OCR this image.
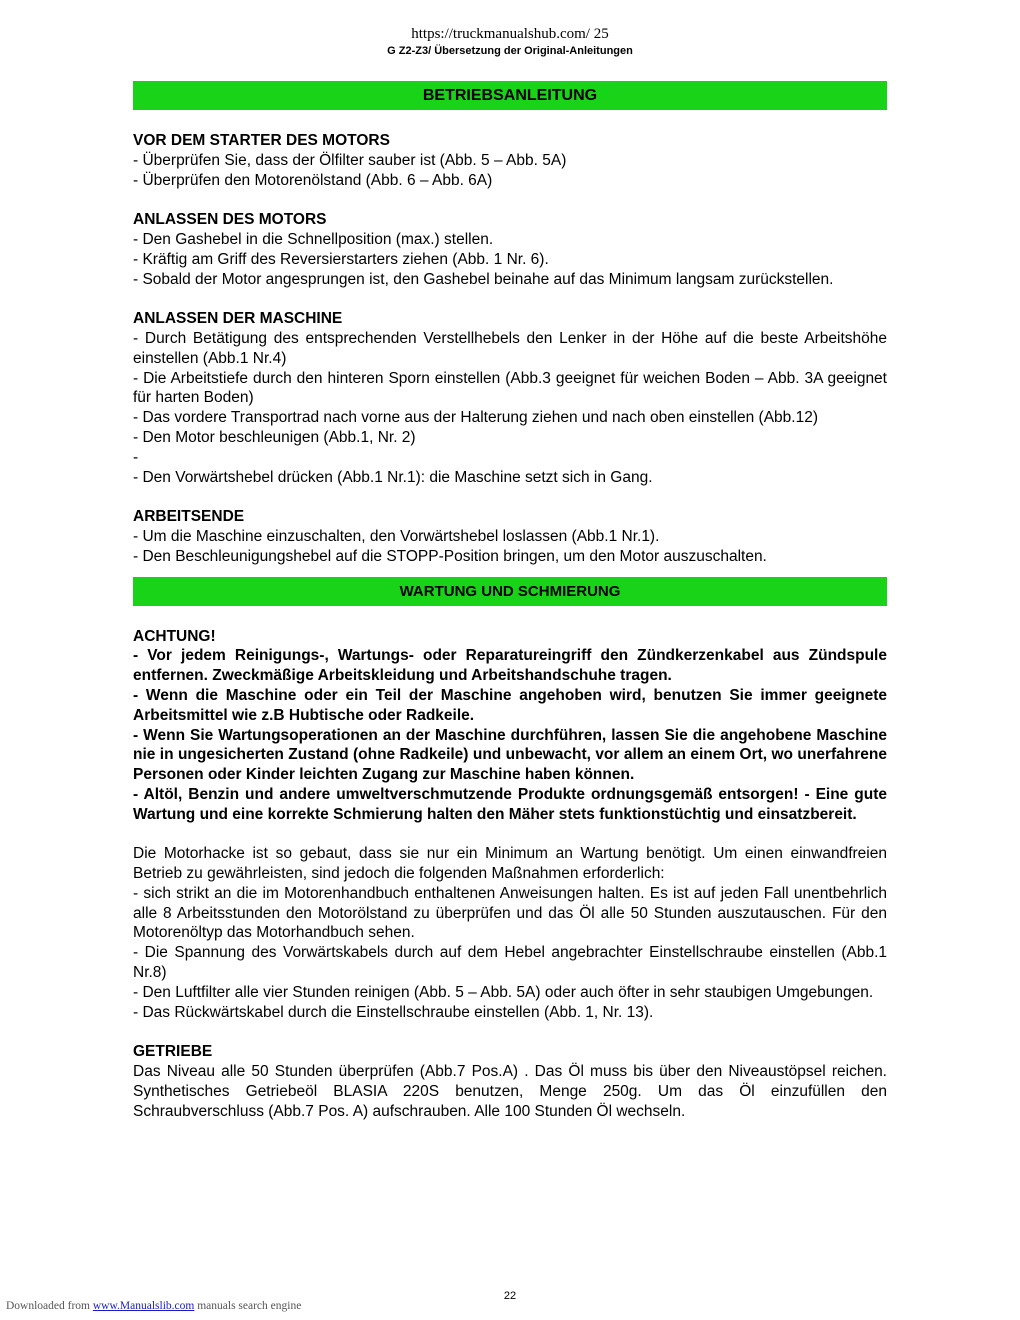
https://truckmanualshub.com/ 25
G Z2-Z3/ Übersetzung der Original-Anleitungen
BETRIEBSANLEITUNG
VOR DEM STARTER DES MOTORS
- Überprüfen Sie, dass der Ölfilter sauber ist (Abb. 5 – Abb. 5A)
- Überprüfen den Motorenölstand (Abb. 6 – Abb. 6A)
ANLASSEN DES MOTORS
- Den Gashebel in die Schnellposition (max.) stellen.
- Kräftig am Griff des Reversierstarters ziehen (Abb. 1 Nr. 6).
- Sobald der Motor angesprungen ist, den Gashebel beinahe auf das Minimum langsam zurückstellen.
ANLASSEN DER MASCHINE
- Durch Betätigung des entsprechenden Verstellhebels den Lenker in der Höhe auf die beste Arbeitshöhe einstellen (Abb.1 Nr.4)
- Die Arbeitstiefe durch den hinteren Sporn einstellen (Abb.3 geeignet für weichen Boden – Abb. 3A geeignet für harten Boden)
- Das vordere Transportrad nach vorne aus der Halterung ziehen und nach oben einstellen (Abb.12)
- Den Motor beschleunigen (Abb.1, Nr. 2)
-
- Den Vorwärtshebel drücken (Abb.1 Nr.1): die Maschine setzt sich in Gang.
ARBEITSENDE
- Um die Maschine einzuschalten, den Vorwärtshebel loslassen (Abb.1 Nr.1).
- Den Beschleunigungshebel auf die STOPP-Position bringen, um den Motor auszuschalten.
WARTUNG UND SCHMIERUNG
ACHTUNG!
- Vor jedem Reinigungs-, Wartungs- oder Reparatureingriff den Zündkerzenkabel aus Zündspule entfernen. Zweckmäßige Arbeitskleidung und Arbeitshandschuhe tragen.
- Wenn die Maschine oder ein Teil der Maschine angehoben wird, benutzen Sie immer geeignete Arbeitsmittel wie z.B Hubtische oder Radkeile.
- Wenn Sie Wartungsoperationen an der Maschine durchführen, lassen Sie die angehobene Maschine nie in ungesicherten Zustand (ohne Radkeile) und unbewacht, vor allem an einem Ort, wo unerfahrene Personen oder Kinder leichten Zugang zur Maschine haben können.
- Altöl, Benzin und andere umweltverschmutzende Produkte ordnungsgemäß entsorgen! - Eine gute Wartung und eine korrekte Schmierung halten den Mäher stets funktionstüchtig und einsatzbereit.
Die Motorhacke ist so gebaut, dass sie nur ein Minimum an Wartung benötigt. Um einen einwandfreien Betrieb zu gewährleisten, sind jedoch die folgenden Maßnahmen erforderlich:
- sich strikt an die im Motorenhandbuch enthaltenen Anweisungen halten. Es ist auf jeden Fall unentbehrlich alle 8 Arbeitsstunden den Motorölstand zu überprüfen und das Öl alle 50 Stunden auszutauschen. Für den Motorenöltyp das Motorhandbuch sehen.
- Die Spannung des Vorwärtskabels durch auf dem Hebel angebrachter Einstellschraube einstellen (Abb.1 Nr.8)
- Den Luftfilter alle vier Stunden reinigen (Abb. 5 – Abb. 5A) oder auch öfter in sehr staubigen Umgebungen.
- Das Rückwärtskabel durch die Einstellschraube einstellen (Abb. 1, Nr. 13).
GETRIEBE
Das Niveau alle 50 Stunden überprüfen (Abb.7 Pos.A) . Das Öl muss bis über den Niveaustöpsel reichen. Synthetisches Getriebeöl BLASIA 220S benutzen, Menge 250g. Um das Öl einzufüllen den Schraubverschluss (Abb.7 Pos. A) aufschrauben. Alle 100 Stunden Öl wechseln.
22
Downloaded from www.Manualslib.com manuals search engine
